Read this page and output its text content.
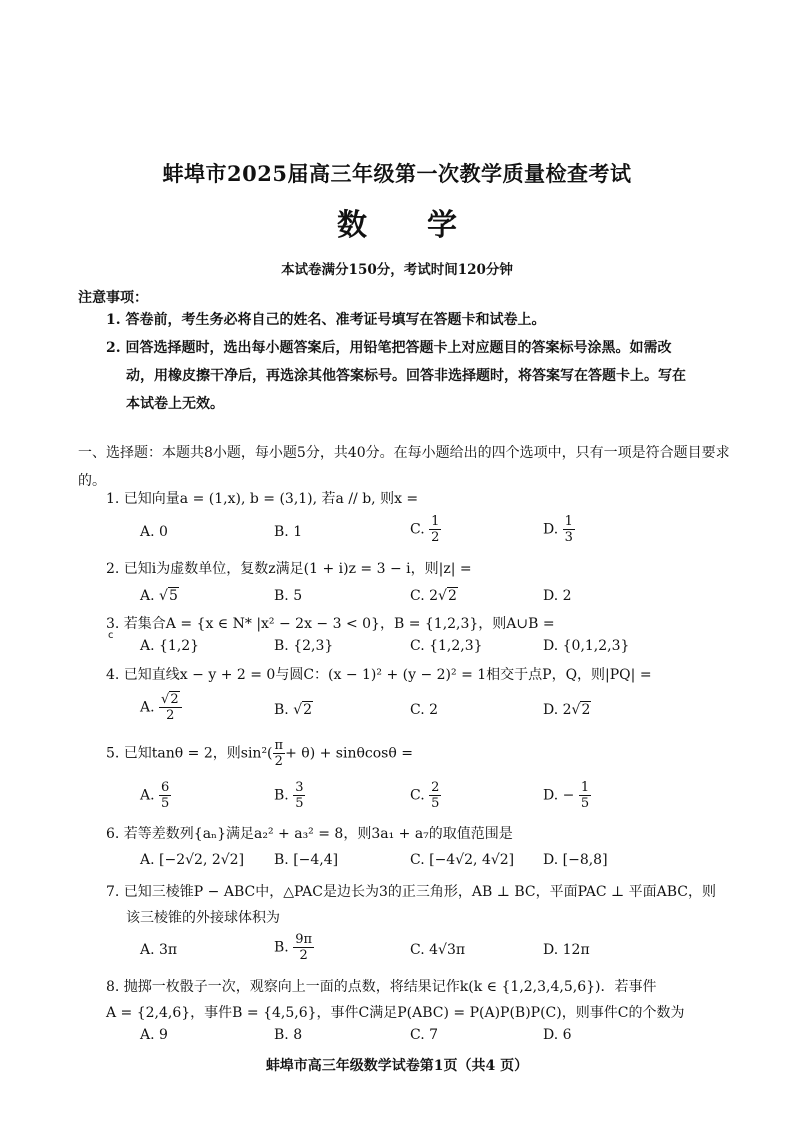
蚌埠市2025届高三年级第一次教学质量检查考试
数学
本试卷满分150分，考试时间120分钟
注意事项：
1. 答卷前，考生务必将自己的姓名、准考证号填写在答题卡和试卷上。
2. 回答选择题时，选出每小题答案后，用铅笔把答题卡上对应题目的答案标号涂黑。如需改
动，用橡皮擦干净后，再选涂其他答案标号。回答非选择题时，将答案写在答题卡上。写在
本试卷上无效。
一、选择题：本题共8小题，每小题5分，共40分。在每小题给出的四个选项中，只有一项是符合题目要求的。
1. 已知向量a = (1,x), b = (3,1), 若a // b, 则x =
A. 0	B. 1	C. $\frac{1}{2}$	D. $\frac{1}{3}$
2. 已知i为虚数单位，复数z满足(1 + i)z = 3 − i，则|z| =
A. √5	B. 5	C. 2√2	D. 2
3. 若集合A = {x ∈ N* |x² − 2x − 3 < 0}，B = {1,2,3}，则A∪B =
c
A. {1,2}	B. {2,3}	C. {1,2,3}	D. {0,1,2,3}
4. 已知直线x − y + 2 = 0与圆C：(x − 1)² + (y − 2)² = 1相交于点P，Q，则|PQ| =
A. $\frac{√2}{2}$	B. √2	C. 2	D. 2√2
5. 已知tanθ = 2，则$\sin^2( \frac{\pi}{2} + \theta) + \sin\theta\cos\theta$ =
A. $\frac{6}{5}$	B. $\frac{3}{5}$	C. $\frac{2}{5}$	D. − $\frac{1}{5}$
6. 若等差数列{aₙ}满足a₂² + a₃² = 8，则3a₁ + a₇的取值范围是
A. [−2√2, 2√2] B. [−4,4]	C. [−4√2, 4√2] D. [−8,8]
7. 已知三棱锥P − ABC中，△PAC是边长为3的正三角形，AB ⊥ BC，平面PAC ⊥ 平面ABC，则
该三棱锥的外接球体积为
A. 3π	B. $\frac{9\pi}{2}$	C. 4√3π	D. 12π
8. 抛掷一枚骰子一次，观察向上一面的点数，将结果记作k(k ∈ {1,2,3,4,5,6})．若事件
A = {2,4,6}，事件B = {4,5,6}，事件C满足P(ABC) = P(A)P(B)P(C)，则事件C的个数为
A. 9	B. 8	C. 7	D. 6
蚌埠市高三年级数学试卷第1页（共4 页）
